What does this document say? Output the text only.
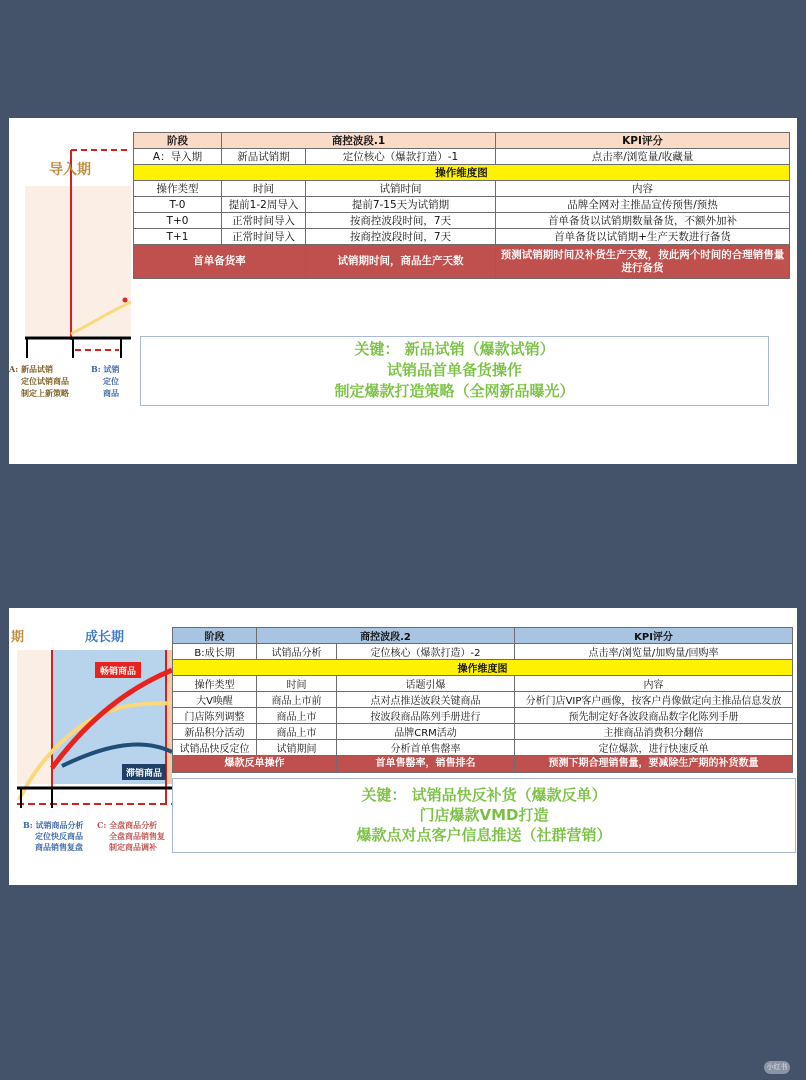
导入期
A: 新品试销
定位试销商品
制定上新策略
B: 试销
定位
商品
阶段	商控波段.1		KPI评分
A：导入期	新品试销期	定位核心（爆款打造）-1	点击率/浏览量/收藏量
操作维度图			
操作类型	时间	试销时间	内容
T-0	提前1-2周导入	提前7-15天为试销期	品牌全网对主推品宣传预售/预热
T+0	正常时间导入	按商控波段时间，7天	首单备货以试销期数量备货，不额外加补
T+1	正常时间导入	按商控波段时间，7天	首单备货以试销期+生产天数进行备货
首单备货率		试销期时间，商品生产天数	预测试销期时间及补货生产天数，按此两个时间的合理销售量进行备货
关键： 新品试销（爆款试销）
试销品首单备货操作
制定爆款打造策略（全网新品曝光）
畅销商品
滞销商品
期	成长期
B: 试销商品分析
定位快反商品
商品销售复盘
C: 全盘商品分析
全盘商品销售复
制定商品调补
阶段	商控波段.2		KPI评分
B:成长期	试销品分析	定位核心（爆款打造）-2	点击率/浏览量/加购量/回购率
操作维度图			
操作类型	时间	话题引爆	内容
大V唤醒	商品上市前	点对点推送波段关键商品	分析门店VIP客户画像，按客户肖像做定向主推品信息发放
门店陈列调整	商品上市	按波段商品陈列手册进行	预先制定好各波段商品数字化陈列手册
新品积分活动	商品上市	品牌CRM活动	主推商品消费积分翻倍
试销品快反定位	试销期间	分析首单售罄率	定位爆款，进行快速反单
爆款反单操作		首单售罄率，销售排名	预测下期合理销售量，要减除生产期的补货数量
关键： 试销品快反补货（爆款反单）
门店爆款VMD打造
爆款点对点客户信息推送（社群营销）
小红书
